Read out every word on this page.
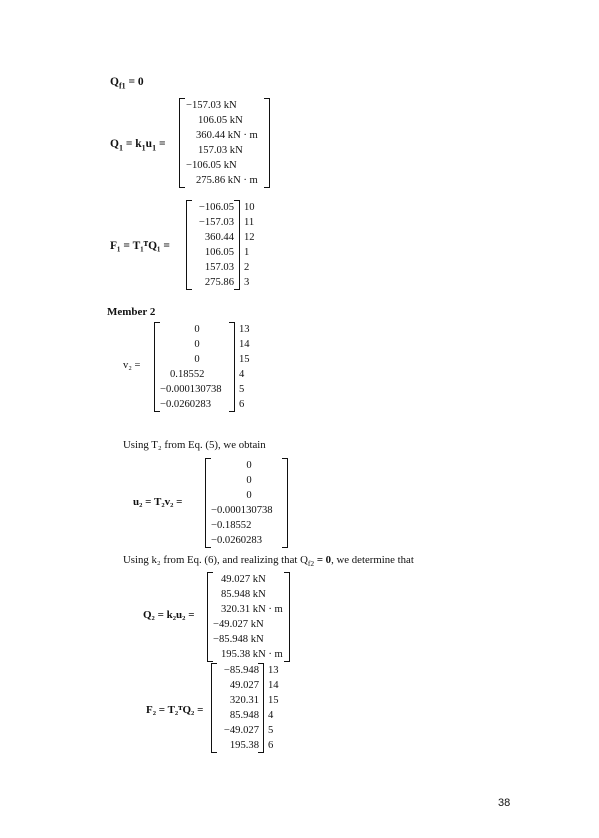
$Q_{f1} = 0$
$Q_1 = k_1u_1$ =
−157.03 kN
106.05 kN
360.44 kN · m
157.03 kN
−106.05 kN
275.86 kN · m
F₁ = T₁ᵀQ₁ =
−106.05
−157.03
360.44
106.05
157.03
275.86
10
11
12
1
2
3
Member 2
v₂ =
0
0
0
0.18552
−0.000130738
−0.0260283
13
14
15
4
5
6
Using T₂ from Eq. (5), we obtain
u₂ = T₂v₂ =
0
0
0
−0.000130738
−0.18552
−0.0260283
Using k₂ from Eq. (6), and realizing that $Q_{f2} = 0$, we determine that
Q₂ = k₂u₂ =
49.027 kN
85.948 kN
320.31 kN · m
−49.027 kN
−85.948 kN
195.38 kN · m
F₂ = T₂ᵀQ₂ =
−85.948
49.027
320.31
85.948
−49.027
195.38
13
14
15
4
5
6
38
